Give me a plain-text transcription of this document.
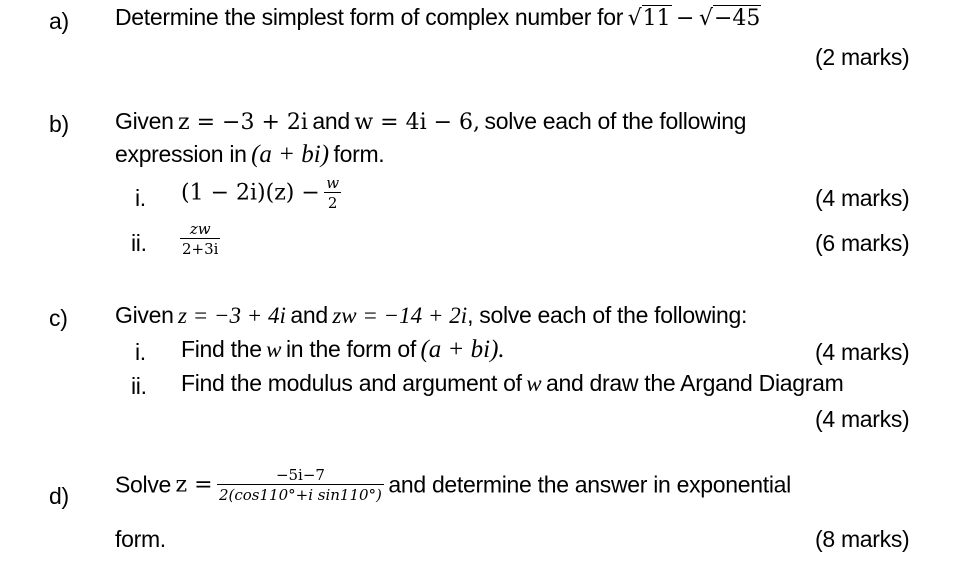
a) Determine the simplest form of complex number for √11 − √−45
(2 marks)
b) Given z = −3 + 2i and w = 4i − 6, solve each of the following
expression in (a + bi) form.
i. $(1 - 2i)(z) - \frac{w}{2}$	(4 marks)
ii. $\frac{zw}{2+3i}$	(6 marks)
c) Given z = −3 + 4i and zw = −14 + 2i, solve each of the following:
i. Find the w in the form of (a + bi).	(4 marks)
ii. Find the modulus and argument of w and draw the Argand Diagram
(4 marks)
d) Solve $z = \frac{-5i-7}{\text{2(cos110°+i sin110°)}}$ and determine the answer in exponential
form.	(8 marks)
